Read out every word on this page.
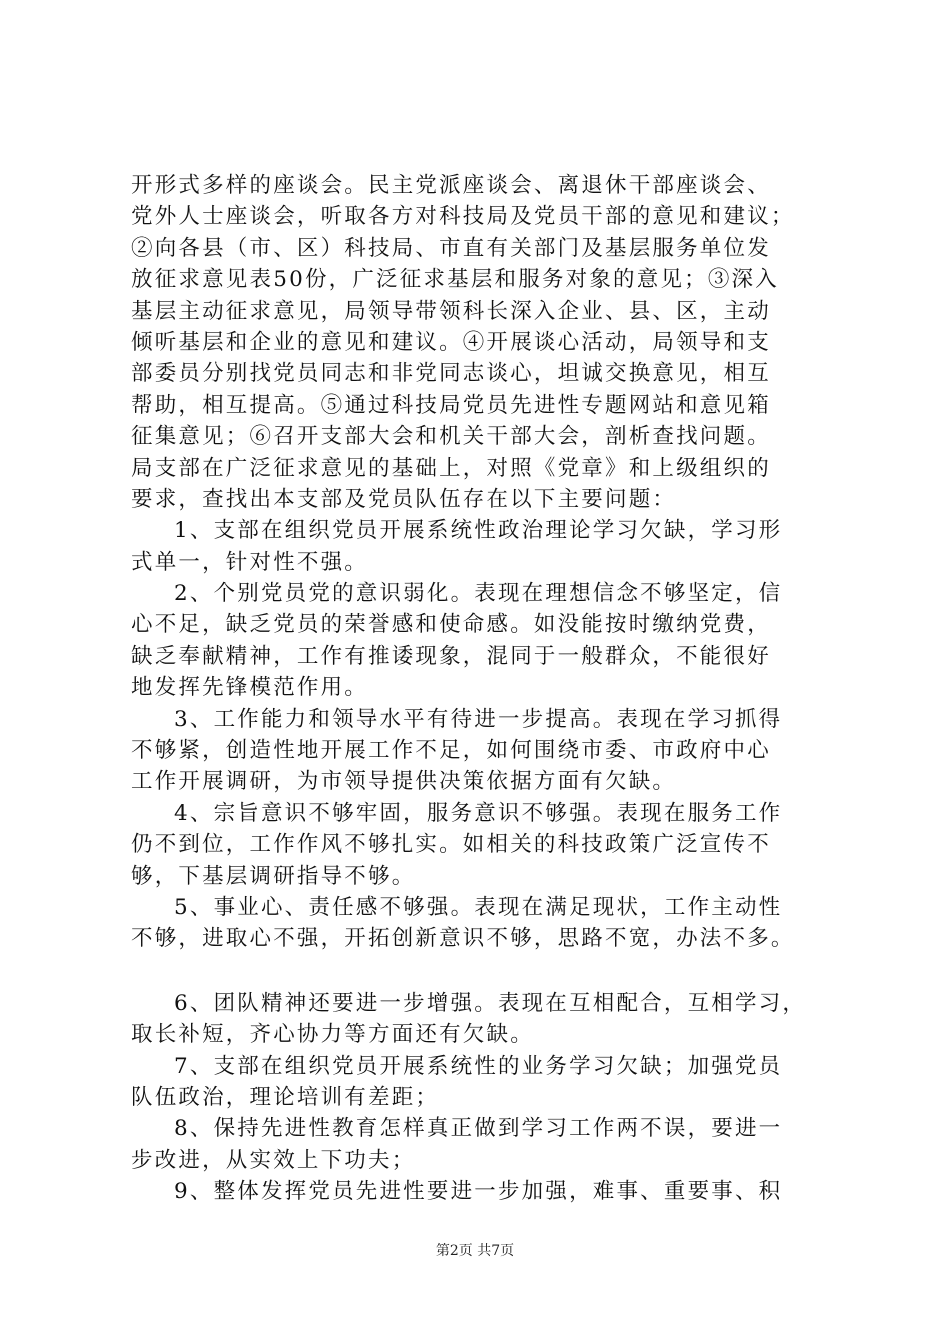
开形式多样的座谈会。民主党派座谈会、离退休干部座谈会、

党外人士座谈会，听取各方对科技局及党员干部的意见和建议；

②向各县（市、区）科技局、市直有关部门及基层服务单位发

放征求意见表50份，广泛征求基层和服务对象的意见；③深入

基层主动征求意见，局领导带领科长深入企业、县、区，主动

倾听基层和企业的意见和建议。④开展谈心活动，局领导和支

部委员分别找党员同志和非党同志谈心，坦诚交换意见，相互

帮助，相互提高。⑤通过科技局党员先进性专题网站和意见箱

征集意见；⑥召开支部大会和机关干部大会，剖析查找问题。

局支部在广泛征求意见的基础上，对照《党章》和上级组织的

要求，查找出本支部及党员队伍存在以下主要问题：

1、支部在组织党员开展系统性政治理论学习欠缺，学习形

式单一，针对性不强。

2、个别党员党的意识弱化。表现在理想信念不够坚定，信

心不足，缺乏党员的荣誉感和使命感。如没能按时缴纳党费，

缺乏奉献精神，工作有推诿现象，混同于一般群众，不能很好

地发挥先锋模范作用。

3、工作能力和领导水平有待进一步提高。表现在学习抓得

不够紧，创造性地开展工作不足，如何围绕市委、市政府中心

工作开展调研，为市领导提供决策依据方面有欠缺。

4、宗旨意识不够牢固，服务意识不够强。表现在服务工作

仍不到位，工作作风不够扎实。如相关的科技政策广泛宣传不

够，下基层调研指导不够。

5、事业心、责任感不够强。表现在满足现状，工作主动性

不够，进取心不强，开拓创新意识不够，思路不宽，办法不多。

6、团队精神还要进一步增强。表现在互相配合，互相学习，

取长补短，齐心协力等方面还有欠缺。

7、支部在组织党员开展系统性的业务学习欠缺；加强党员

队伍政治，理论培训有差距；

8、保持先进性教育怎样真正做到学习工作两不误，要进一

步改进，从实效上下功夫；

9、整体发挥党员先进性要进一步加强，难事、重要事、积

第2页 共7页
